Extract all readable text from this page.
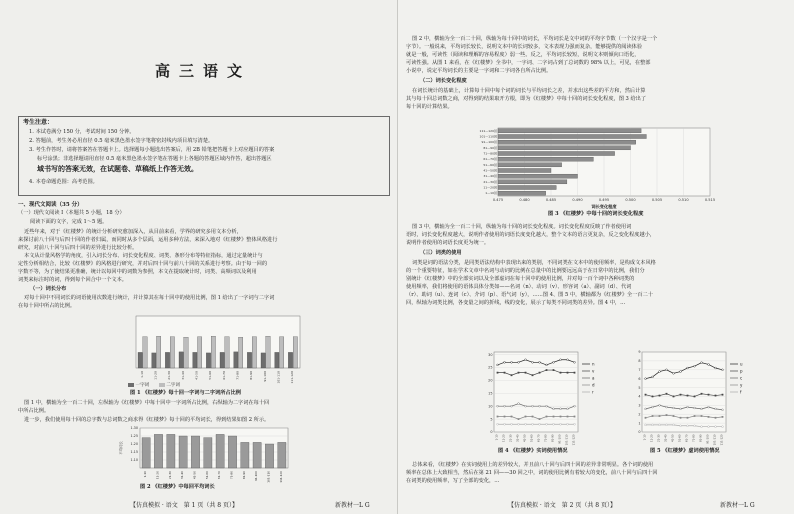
高三语文
考生注意：
1. 本试卷满分 150 分，考试时间 150 分钟。
2. 答题前，考生务必用直径 0.5 毫米黑色墨水签字笔将密封线内项目填写清楚。
3. 考生作答时，请将答案答在答题卡上。选择题每小题选出答案后，用 2B 铅笔把答题卡上对应题目的答案
标号涂黑；非选择题请用直径 0.5 毫米黑色墨水签字笔在答题卡上各题的答题区域内作答，超出答题区
域书写的答案无效，在试题卷、草稿纸上作答无效。
4. 本卷命题范围：高考范围。
一、现代文阅读（35 分）
（一）现代文阅读 Ⅰ（本题共 5 小题，18 分）
阅读下面的文字，完成 1～5 题。
近些年来，对于《红楼梦》的统计分析研究愈加深入，从目前来看，学界的研究多用文本分析，
来探讨前八十回与后四十回的作者归属，而同时从多个层面，运用多种方法，来深入地对《红楼梦》整体风格进行
研究，对前八十回与后四十回的差异进行比较分析。
本文从计量风格学的角度，引入词长分布、词长变化程度、词类、条形分布等特征指标，通过定量统计与
定性分析相结合，比较《红楼梦》的风格进行研究，并对后四十回与前八十回的关系进行考察。由于每一回的
字数不等，为了使结果更准确，统计以每回中的词数为参照，本文在提取统计时，词类、高频词以及利用
词类来标注时的词，得到每个回合中一个文本。
（一）词长分布
对每十回中不同词长的词语使用次数进行统计，并计算其在每十回中的使用比例，图 1 给出了一字词与二字词
在每十回中所占的比例。
1-10	11-20	21-30	31-40	41-50	51-60	61-70	71-80	81-90	91-100	101-110	111-120
一字词	二字词
图 1 《红楼梦》每十回一字词与二字词所占比例
图 1 中，横轴为全一百二十回，左纵轴为《红楼梦》中每十回中一字词所占比例，右纵轴为二字词在每十回
中所占比例。
进一步，我们使用每十回的总字数与总词数之商求得《红楼梦》每十回的平均词长，得到结果如图 2 所示。
1.10
1.15
1.20
1.25
1.30
平均词长
1-10	11-20	21-30	31-40	41-50	51-60	61-70	71-80	81-90	91-100	101-110	111-120
图 2 《红楼梦》中每回平均词长
【仿真模拟 · 语文　第 1 页（共 8 页）】	新教材一L G
图 2 中，横轴为全一百二十回，纵轴为每十回中的词长，平均词长是文中词的平均字节数（一个汉字是一个
字节）。一般说来，平均词长较长，说明文本中的长词较多，文本表现力强而复杂，能够提供的阅读体验
就是一般，可读性（阅读和理解的容易程度）弱一些。反之，平均词长较短，说明文本则倾向口语化，
可读性强。从图 1 来看，在《红楼梦》全书中，一字词、二字词占到了总词数的 98% 以上，可见，在整部
小说中，说定平均词长的主要是一字词和二字词各自所占比例。
（二）词长变化程度
在词长统计的基础上，计算每十回中每个词的词长与平均词长之差，并求出这些差的平方和，然后计算
其与每十回总词数之商，对得到的结果取开方根，即为《红楼梦》中每十回的词长变化程度，图 3 给出了
每十回的计算结果。
0.475	0.480	0.485	0.490	0.495	0.500	0.505	0.510	0.515
111—120回
101—110回
91—100回
81—90回
71—80回
61—70回
51—60回
41—50回
31—40回
21—30回
11—20回
1—10回
词长变化程度
图 3 《红楼梦》中每十回的词长变化程度
图 3 中，横轴为全一百二十回，纵轴为每十回的词长变化程度。词长变化程度反映了作者使用词
语时，词长变化程度越大，说明作者使用的词语长度变化越大，整个文本的语言更复杂，反之变化程度越小，
说明作者使用的词语长度更为统一。
（三）词类的使用
词类是词的语法分类，是同类语法结构中表现出来的类别，不同词类在文本中的使用频率，是构成文本风格
的一个重要特征，如在学术文章中名词与动词的比例在总量中的比例要远远高于在日常中的比例，我们分
别统计《红楼梦》中的全部实词以及全部虚词在每十回中的使用比例，并对每一百个词中各种词类的
使用频率，我们将使用的语体具体分类如——名词（n）、动词（v）、形容词（a）、副词（d）、代词
（r）、助词（u）、连词（c）、介词（p）、语气词（y），……图 4、图 5 中，横轴都为《红楼梦》全一百二十
回，纵轴为词类比例，各变量之间的折线，线的变化，展示了每类不同词类的差异。图 4 中，…
0
5
10
15
20
25
30
1-10	11-20	21-30	31-40	41-50	51-60	61-70	71-80	81-90	91-100	101-110	111-120
n
v
a
d
r
0
1
2
3
4
5
6
7
8
9
1-10	11-20	21-30	31-40	41-50	51-60	61-70	71-80	81-90	91-100	101-110	111-120
u
p
c
y
f
图 4 《红楼梦》实词使用情况	图 5 《红楼梦》虚词使用情况
总体来看，《红楼梦》在实词使用上的差异较大，并且前八十回与后四十回的差异非常明显。各个词的使用
频率在总体上大致相当，然后在第 21 回——30 回之中，词的使用比例有着较大的变化，前八十回与后四十回
在词类的使用频率，写了全部的变化，…
【仿真模拟 · 语文　第 2 页（共 8 页）】	新教材一L G
